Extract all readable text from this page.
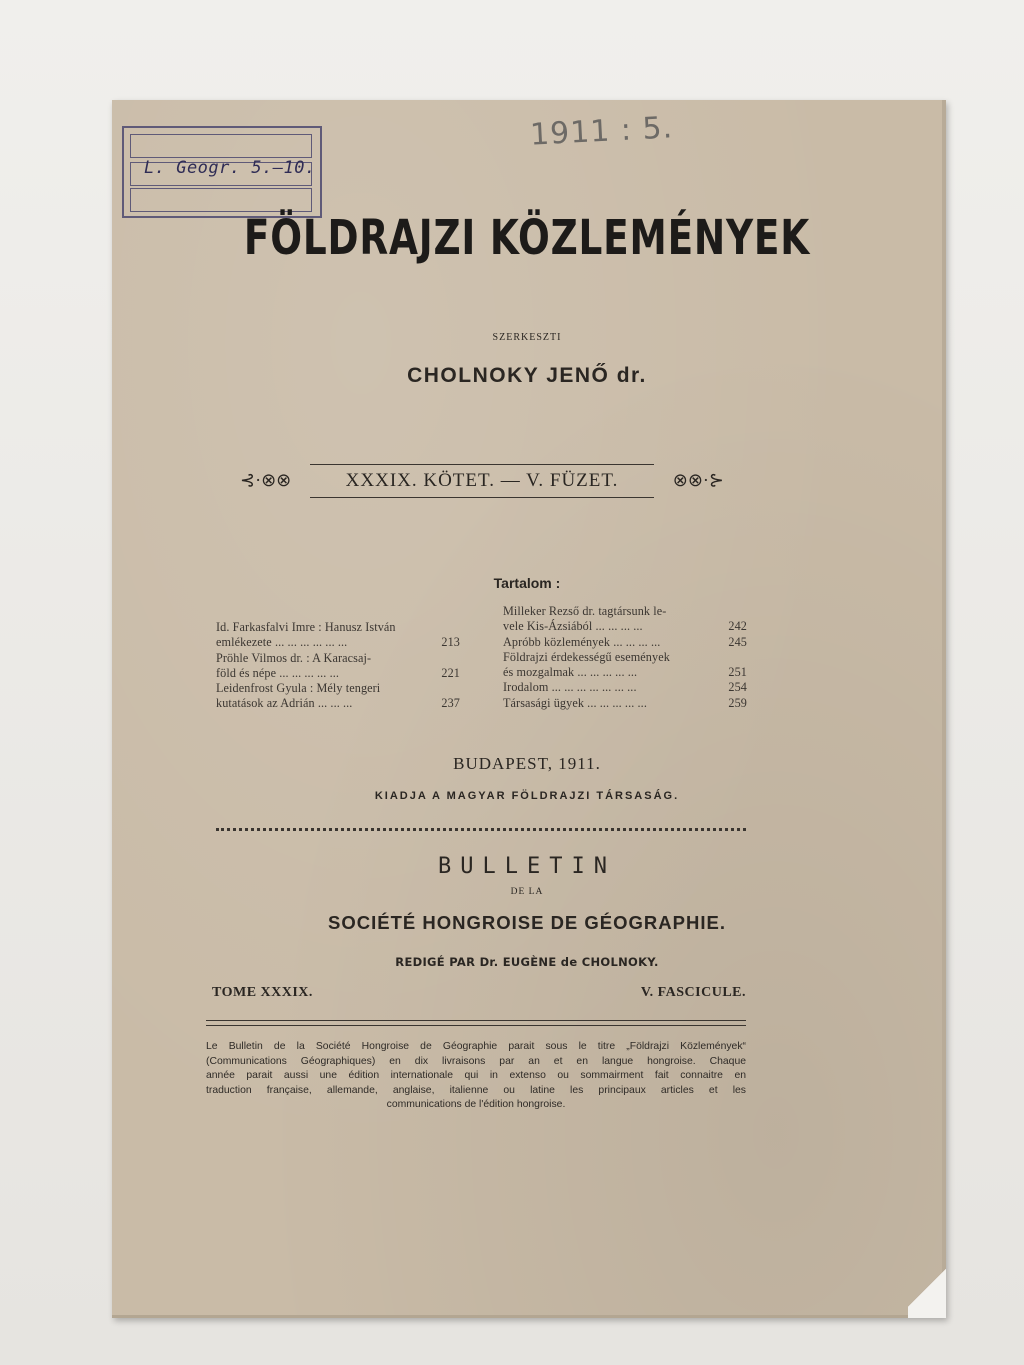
L. Geogr. 5.–10.
1911 : 5.
FÖLDRAJZI KÖZLEMÉNYEK
SZERKESZTI
CHOLNOKY JENŐ dr.
⊰·⊗⊗	XXXIX. KÖTET. — V. FÜZET.	⊗⊗·⊱
Tartalom :
Id. Farkasfalvi Imre : Hanusz István
emlékezete ... ... ... ... ... ...	213
Pröhle Vilmos dr. : A Karacsaj-
föld és népe ... ... ... ... ...	221
Leidenfrost Gyula : Mély tengeri
kutatások az Adrián ... ... ...	237
Milleker Rezső dr. tagtársunk le-
vele Kis-Ázsiából ... ... ... ...	242
Apróbb közlemények ... ... ... ...	245
Földrajzi érdekességű események
és mozgalmak ... ... ... ... ...	251
Irodalom ... ... ... ... ... ... ...	254
Társasági ügyek ... ... ... ... ...	259
BUDAPEST, 1911.
KIADJA A MAGYAR FÖLDRAJZI TÁRSASÁG.
BULLETIN
DE LA
SOCIÉTÉ HONGROISE DE GÉOGRAPHIE.
REDIGÉ PAR Dr. EUGÈNE de CHOLNOKY.
TOME XXXIX.	V. FASCICULE.
Le Bulletin de la Société Hongroise de Géographie parait sous le titre „Földrajzi Közlemények“
(Communications Géographiques) en dix livraisons par an et en langue hongroise. Chaque
année parait aussi une édition internationale qui in extenso ou sommairment fait connaitre en
traduction française, allemande, anglaise, italienne ou latine les principaux articles et les
communications de l'édition hongroise.
